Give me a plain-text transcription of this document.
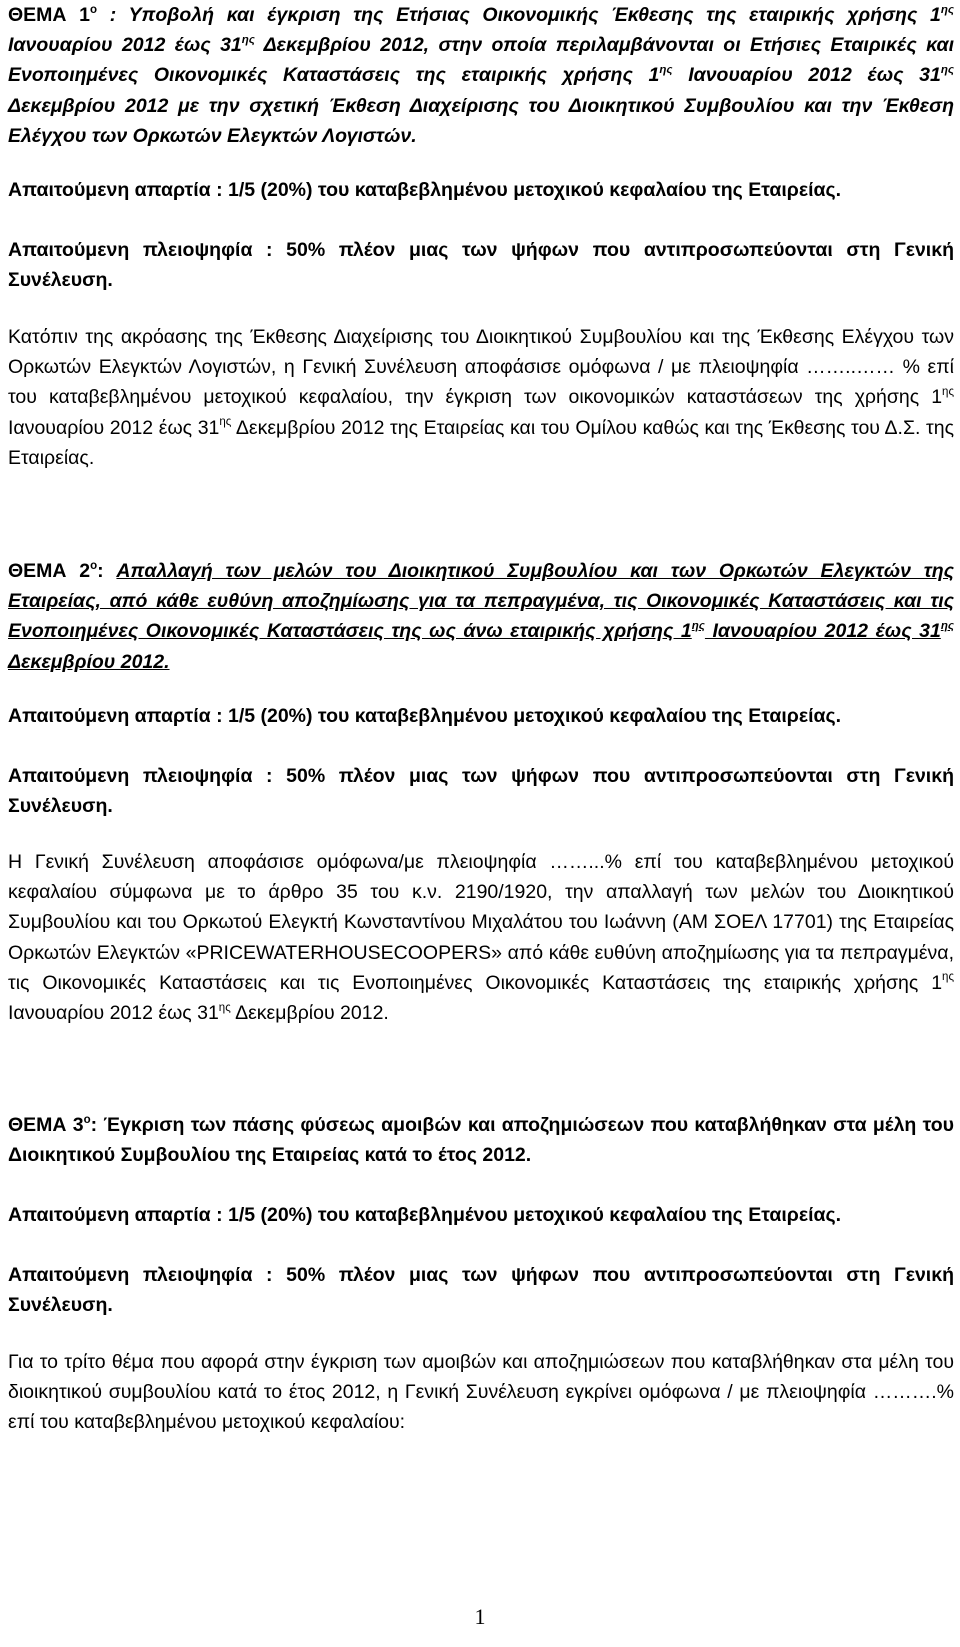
ΘΕΜΑ $1^o$ : Υποβολή και έγκριση της Ετήσιας Οικονομικής Έκθεσης της εταιρικής χρήσης $1^{\eta\varsigma}$ Ιανουαρίου 2012 έως $31^{\eta\varsigma}$ Δεκεμβρίου 2012, στην οποία περιλαμβάνονται οι Ετήσιες Εταιρικές και Ενοποιημένες Οικονομικές Καταστάσεις της εταιρικής χρήσης $1^{\eta\varsigma}$ Ιανουαρίου 2012 έως $31^{\eta\varsigma}$ Δεκεμβρίου 2012 με την σχετική Έκθεση Διαχείρισης του Διοικητικού Συμβουλίου και την Έκθεση Ελέγχου των Ορκωτών Ελεγκτών Λογιστών.

Απαιτούμενη απαρτία : 1/5 (20%) του καταβεβλημένου μετοχικού κεφαλαίου της Εταιρείας.

Απαιτούμενη πλειοψηφία : 50% πλέον μιας των ψήφων που αντιπροσωπεύονται στη Γενική Συνέλευση.

Κατόπιν της ακρόασης της Έκθεσης Διαχείρισης του Διοικητικού Συμβουλίου και της Έκθεσης Ελέγχου των Ορκωτών Ελεγκτών Λογιστών, η Γενική Συνέλευση αποφάσισε ομόφωνα / με πλειοψηφία ……..…… % επί του καταβεβλημένου μετοχικού κεφαλαίου, την έγκριση των οικονομικών καταστάσεων της χρήσης $1^{\eta\varsigma}$ Ιανουαρίου 2012 έως $31^{\eta\varsigma}$ Δεκεμβρίου 2012 της Εταιρείας και του Ομίλου καθώς και της Έκθεσης του Δ.Σ. της Εταιρείας.

ΘΕΜΑ $2^o$: Απαλλαγή των μελών του Διοικητικού Συμβουλίου και των Ορκωτών Ελεγκτών της Εταιρείας, από κάθε ευθύνη αποζημίωσης για τα πεπραγμένα, τις Οικονομικές Καταστάσεις και τις Ενοποιημένες Οικονομικές Καταστάσεις της ως άνω εταιρικής χρήσης $1^{\eta\varsigma}$ Ιανουαρίου 2012 έως $31^{\eta\varsigma}$ Δεκεμβρίου 2012.

Απαιτούμενη απαρτία : 1/5 (20%) του καταβεβλημένου μετοχικού κεφαλαίου της Εταιρείας.

Απαιτούμενη πλειοψηφία : 50% πλέον μιας των ψήφων που αντιπροσωπεύονται στη Γενική Συνέλευση.

Η Γενική Συνέλευση αποφάσισε ομόφωνα/με πλειοψηφία ……...% επί του καταβεβλημένου μετοχικού κεφαλαίου σύμφωνα με το άρθρο 35 του κ.ν. 2190/1920, την απαλλαγή των μελών του Διοικητικού Συμβουλίου και του Ορκωτού Ελεγκτή Κωνσταντίνου Μιχαλάτου του Ιωάννη (ΑΜ ΣΟΕΛ 17701) της Εταιρείας Ορκωτών Ελεγκτών «PRICEWATERHOUSECOOPERS» από κάθε ευθύνη αποζημίωσης για τα πεπραγμένα, τις Οικονομικές Καταστάσεις και τις Ενοποιημένες Οικονομικές Καταστάσεις της εταιρικής χρήσης $1^{\eta\varsigma}$ Ιανουαρίου 2012 έως $31^{\eta\varsigma}$ Δεκεμβρίου 2012.

ΘΕΜΑ $3^o$: Έγκριση των πάσης φύσεως αμοιβών και αποζημιώσεων που καταβλήθηκαν στα μέλη του Διοικητικού Συμβουλίου της Εταιρείας κατά το έτος 2012.

Απαιτούμενη απαρτία : 1/5 (20%) του καταβεβλημένου μετοχικού κεφαλαίου της Εταιρείας.

Απαιτούμενη πλειοψηφία : 50% πλέον μιας των ψήφων που αντιπροσωπεύονται στη Γενική Συνέλευση.

Για το τρίτο θέμα που αφορά στην έγκριση των αμοιβών και αποζημιώσεων που καταβλήθηκαν στα μέλη του διοικητικού συμβουλίου κατά το έτος 2012, η Γενική Συνέλευση εγκρίνει ομόφωνα / με πλειοψηφία ……….% επί του καταβεβλημένου μετοχικού κεφαλαίου:

1
